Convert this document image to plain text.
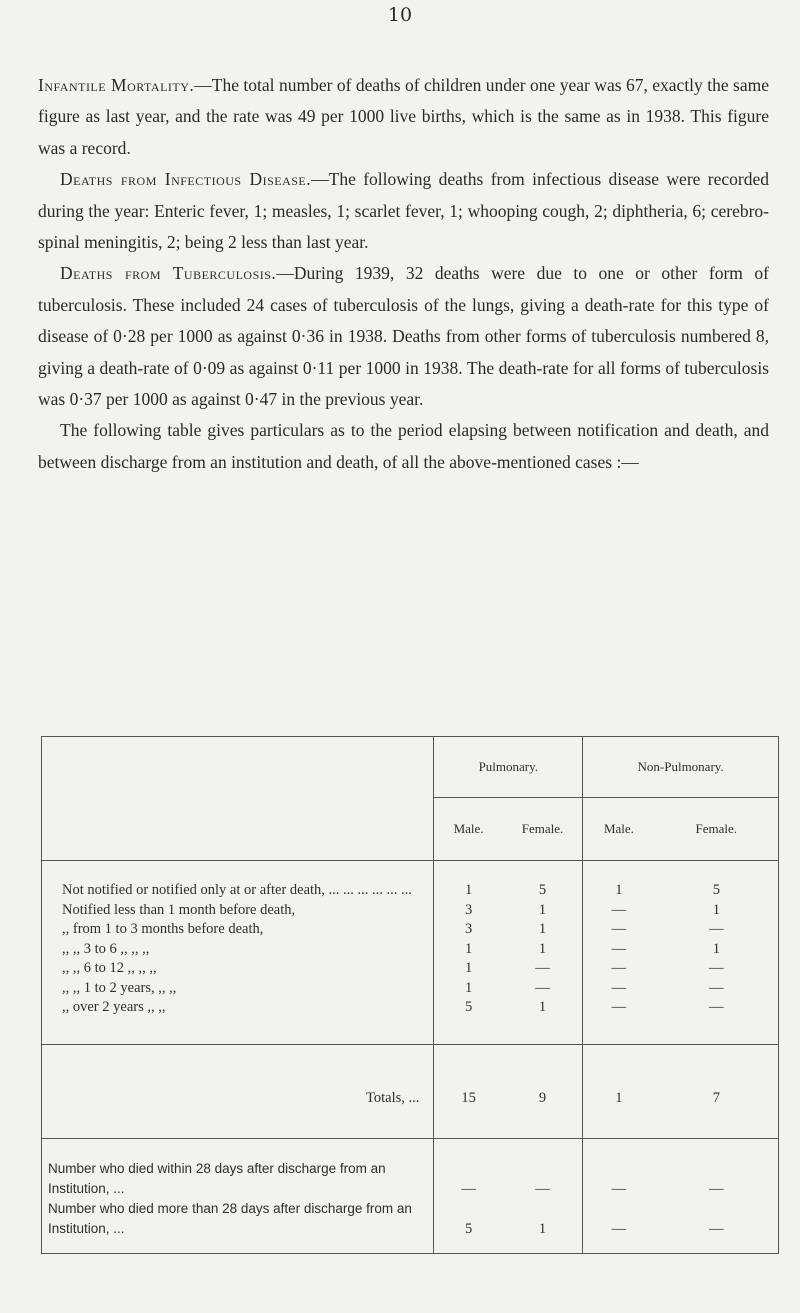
10

Infantile Mortality.—The total number of deaths of children under one year was 67, exactly the same figure as last year, and the rate was 49 per 1000 live births, which is the same as in 1938. This figure was a record.

Deaths from Infectious Disease.—The following deaths from infectious disease were recorded during the year: Enteric fever, 1; measles, 1; scarlet fever, 1; whooping cough, 2; diphtheria, 6; cerebro-spinal meningitis, 2; being 2 less than last year.

Deaths from Tuberculosis.—During 1939, 32 deaths were due to one or other form of tuberculosis. These included 24 cases of tuberculosis of the lungs, giving a death-rate for this type of disease of 0·28 per 1000 as against 0·36 in 1938. Deaths from other forms of tuberculosis numbered 8, giving a death-rate of 0·09 as against 0·11 per 1000 in 1938. The death-rate for all forms of tuberculosis was 0·37 per 1000 as against 0·47 in the previous year.

The following table gives particulars as to the period elapsing between notification and death, and between discharge from an institution and death, of all the above-mentioned cases :—

	Pulmonary.		Non-Pulmonary.	
	Male.	Female.	Male.	Female.
Not notified or notified only at or after death, ... ... ... ... ... ...	1	5	1	5
Notified less than 1 month before death,	3	1	—	1
,, from 1 to 3 months before death,	3	1	—	—
,, ,, 3 to 6 ,, ,, ,,	1	1	—	1
,, ,, 6 to 12 ,, ,, ,,	1	—	—	—
,, ,, 1 to 2 years, ,, ,,	1	—	—	—
,, over 2 years ,, ,,	5	1	—	—
Totals, ...	15	9	1	7
Number who died within 28 days after discharge from an Institution, ...	—	—	—	—
Number who died more than 28 days after discharge from an Institution, ...	5	1	—	—
